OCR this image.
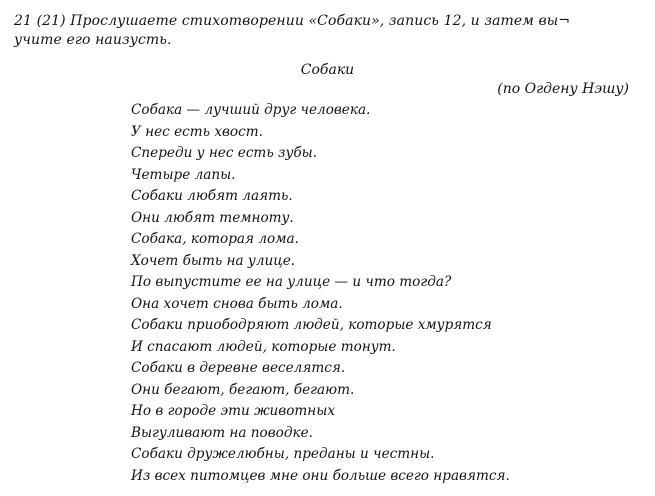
21 (21) Прослушаете стихотворении «Собаки», запись 12, и затем вы¬
учите его наизусть.
Собаки
(по Огдену Нэшу)
Собака — лучший друг человека.
У нес есть хвост.
Спереди у нес есть зубы.
Четыре лапы.
Собаки любят лаять.
Они любят темноту.
Собака, которая лома.
Хочет быть на улице.
По выпустите ее на улице — и что тогда?
Она хочет снова быть лома.
Собаки приободряют людей, которые хмурятся
И спасают людей, которые тонут.
Собаки в деревне веселятся.
Они бегают, бегают, бегают.
Но в городе эти животных
Выгуливают на поводке.
Собаки дружелюбны, преданы и честны.
Из всех питомцев мне они больше всего нравятся.
